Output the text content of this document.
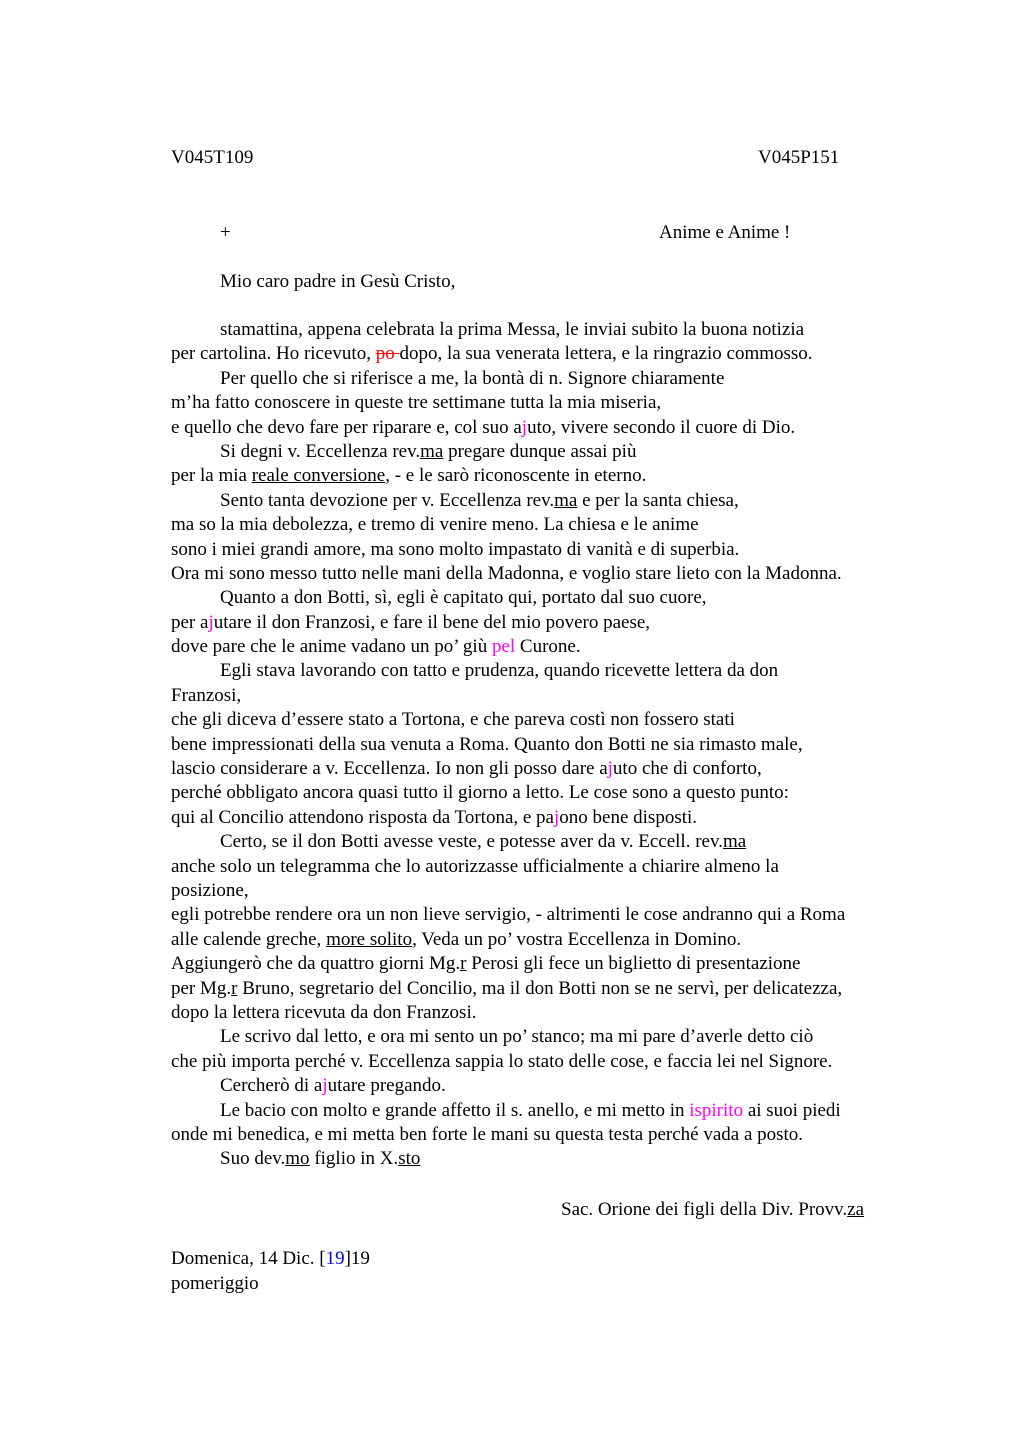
V045T109	V045P151
+	Anime e Anime !
Mio caro padre in Gesù Cristo,
stamattina, appena celebrata la prima Messa, le inviai subito la buona notizia
per cartolina. Ho ricevuto, po dopo, la sua venerata lettera, e la ringrazio commosso.
Per quello che si riferisce a me, la bontà di n. Signore chiaramente
m’ha fatto conoscere in queste tre settimane tutta la mia miseria,
e quello che devo fare per riparare e, col suo ajuto, vivere secondo il cuore di Dio.
Si degni v. Eccellenza rev.ma pregare dunque assai più
per la mia reale conversione, - e le sarò riconoscente in eterno.
Sento tanta devozione per v. Eccellenza rev.ma e per la santa chiesa,
ma so la mia debolezza, e tremo di venire meno. La chiesa e le anime
sono i miei grandi amore, ma sono molto impastato di vanità e di superbia.
Ora mi sono messo tutto nelle mani della Madonna, e voglio stare lieto con la Madonna.
Quanto a don Botti, sì, egli è capitato qui, portato dal suo cuore,
per ajutare il don Franzosi, e fare il bene del mio povero paese,
dove pare che le anime vadano un po’ giù pel Curone.
Egli stava lavorando con tatto e prudenza, quando ricevette lettera da don
Franzosi,
che gli diceva d’essere stato a Tortona, e che pareva costì non fossero stati
bene impressionati della sua venuta a Roma. Quanto don Botti ne sia rimasto male,
lascio considerare a v. Eccellenza. Io non gli posso dare ajuto che di conforto,
perché obbligato ancora quasi tutto il giorno a letto. Le cose sono a questo punto:
qui al Concilio attendono risposta da Tortona, e pajono bene disposti.
Certo, se il don Botti avesse veste, e potesse aver da v. Eccell. rev.ma
anche solo un telegramma che lo autorizzasse ufficialmente a chiarire almeno la
posizione,
egli potrebbe rendere ora un non lieve servigio, - altrimenti le cose andranno qui a Roma
alle calende greche, more solito, Veda un po’ vostra Eccellenza in Domino.
Aggiungerò che da quattro giorni Mg.r Perosi gli fece un biglietto di presentazione
per Mg.r Bruno, segretario del Concilio, ma il don Botti non se ne servì, per delicatezza,
dopo la lettera ricevuta da don Franzosi.
Le scrivo dal letto, e ora mi sento un po’ stanco; ma mi pare d’averle detto ciò
che più importa perché v. Eccellenza sappia lo stato delle cose, e faccia lei nel Signore.
Cercherò di ajutare pregando.
Le bacio con molto e grande affetto il s. anello, e mi metto in ispirito ai suoi piedi
onde mi benedica, e mi metta ben forte le mani su questa testa perché vada a posto.
Suo dev.mo figlio in X.sto
Sac. Orione dei figli della Div. Provv.za
Domenica, 14 Dic. [19]19
pomeriggio
